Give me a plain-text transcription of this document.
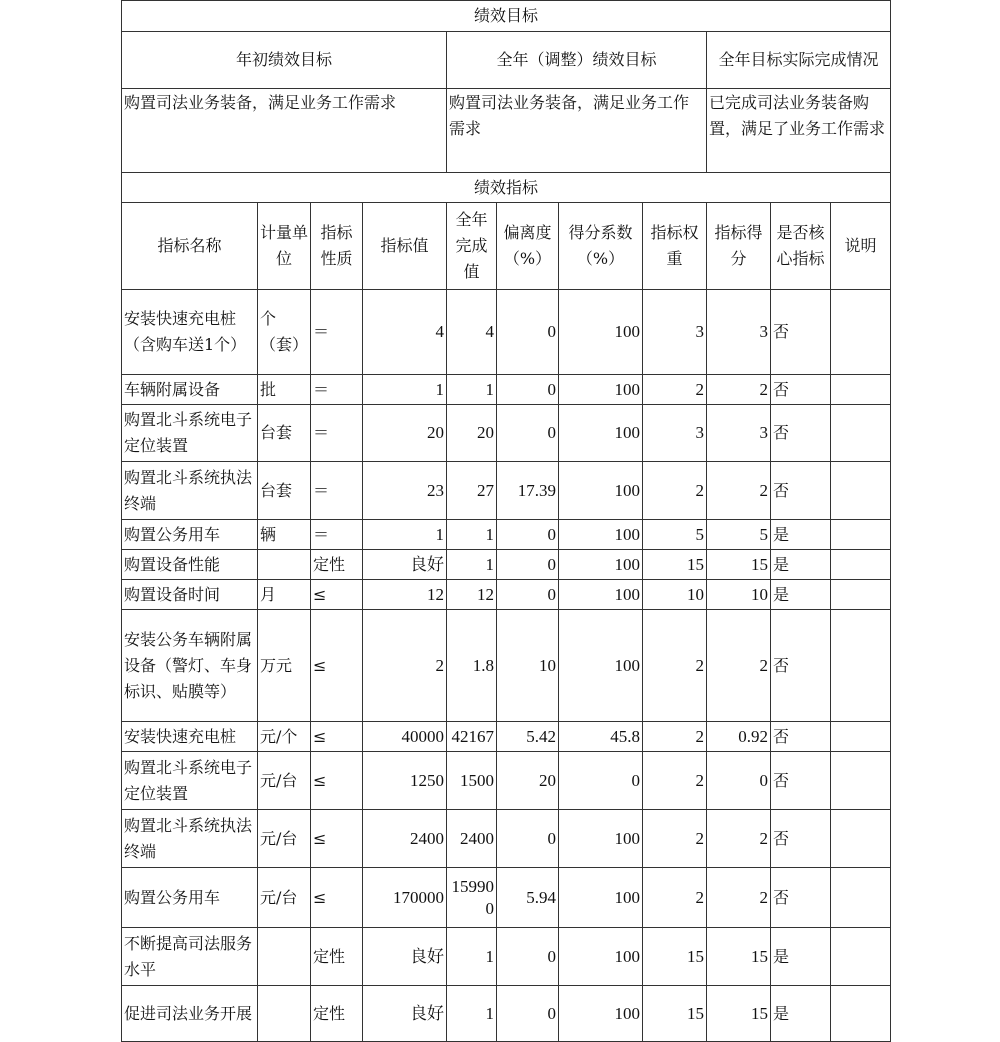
绩效目标										
年初绩效目标				全年（调整）绩效目标				全年目标实际完成情况		
购置司法业务装备，满足业务工作需求				购置司法业务装备，满足业务工作需求				已完成司法业务装备购置，满足了业务工作需求		
绩效指标										
指标名称	计量单位	指标性质	指标值	全年完成值	偏离度（%）	得分系数（%）	指标权重	指标得分	是否核心指标	说明
安装快速充电桩（含购车送1个）	个（套）	＝	4	4	0	100	3	3	否	
车辆附属设备	批	＝	1	1	0	100	2	2	否	
购置北斗系统电子定位装置	台套	＝	20	20	0	100	3	3	否	
购置北斗系统执法终端	台套	＝	23	27	17.39	100	2	2	否	
购置公务用车	辆	＝	1	1	0	100	5	5	是	
购置设备性能		定性	良好	1	0	100	15	15	是	
购置设备时间	月	≤	12	12	0	100	10	10	是	
安装公务车辆附属设备（警灯、车身标识、贴膜等）	万元	≤	2	1.8	10	100	2	2	否	
安装快速充电桩	元/个	≤	40000	42167	5.42	45.8	2	0.92	否	
购置北斗系统电子定位装置	元/台	≤	1250	1500	20	0	2	0	否	
购置北斗系统执法终端	元/台	≤	2400	2400	0	100	2	2	否	
购置公务用车	元/台	≤	170000	159900	5.94	100	2	2	否	
不断提高司法服务水平		定性	良好	1	0	100	15	15	是	
促进司法业务开展		定性	良好	1	0	100	15	15	是	
